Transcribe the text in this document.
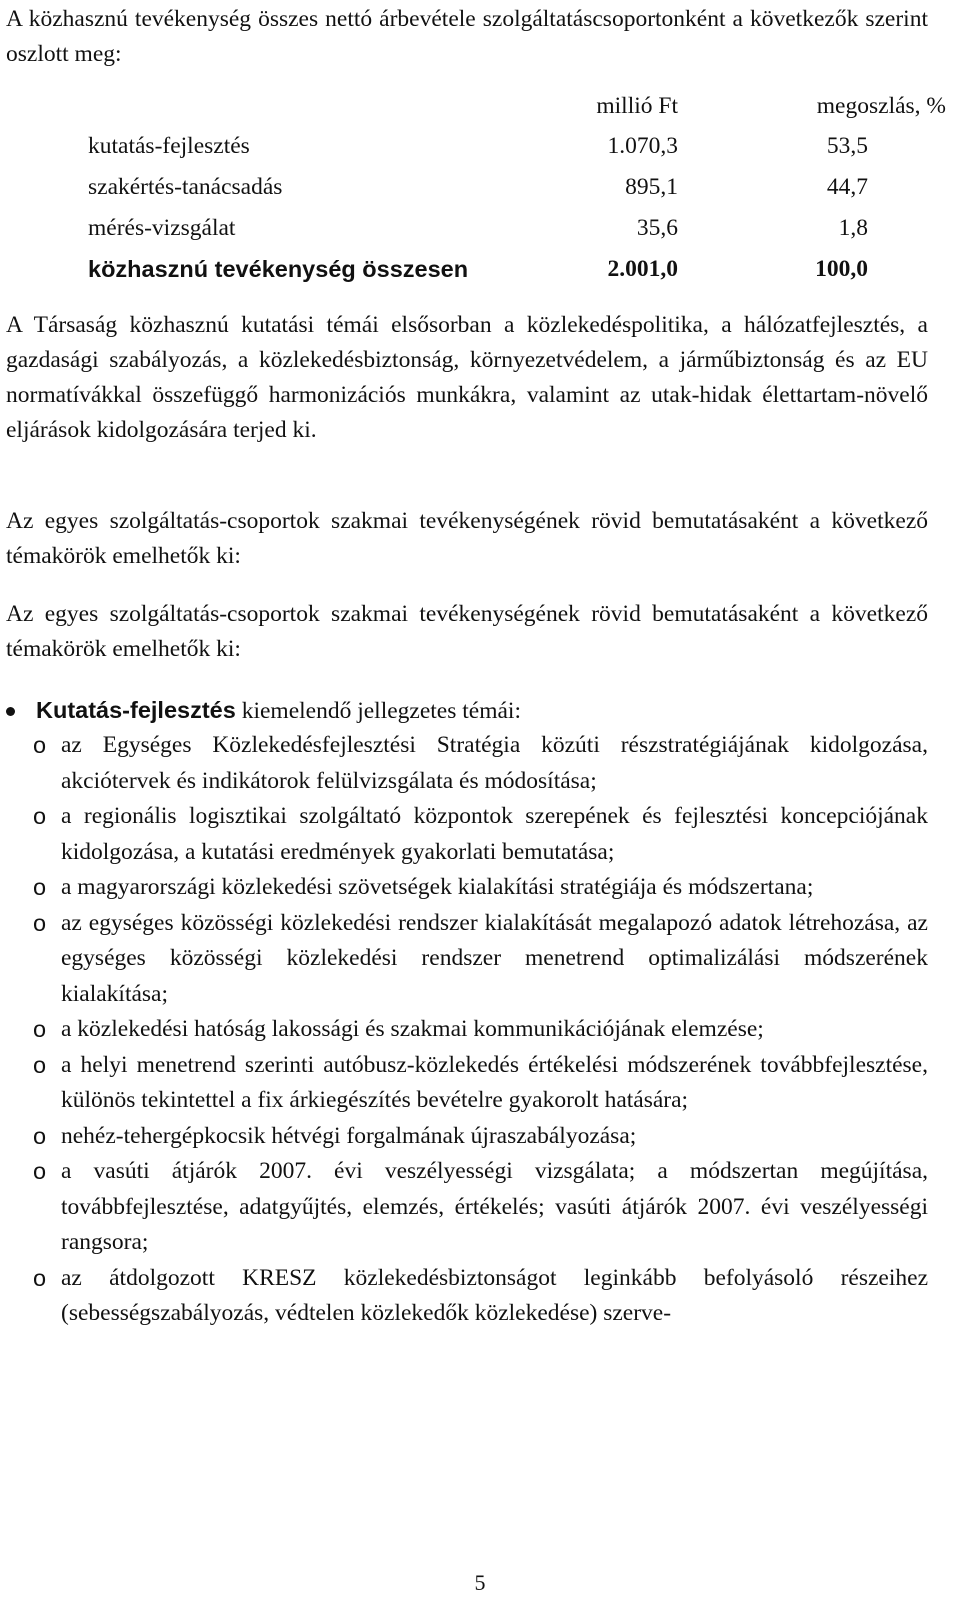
A közhasznú tevékenység összes nettó árbevétele szolgáltatáscsoportonként a következők szerint oszlott meg:

	millió Ft	megoszlás, %
kutatás-fejlesztés	1.070,3	53,5
szakértés-tanácsadás	895,1	44,7
mérés-vizsgálat	35,6	1,8
közhasznú tevékenység összesen	2.001,0	100,0

A Társaság közhasznú kutatási témái elsősorban a közlekedéspolitika, a hálózatfejlesztés, a gazdasági szabályozás, a közlekedésbiztonság, környezetvédelem, a járműbiztonság és az EU normatívákkal összefüggő harmonizációs munkákra, valamint az utak-hidak élettartam-növelő eljárások kidolgozására terjed ki.

Az egyes szolgáltatás-csoportok szakmai tevékenységének rövid bemutatásaként a következő témakörök emelhetők ki:

Az egyes szolgáltatás-csoportok szakmai tevékenységének rövid bemutatásaként a következő témakörök emelhetők ki:

Kutatás-fejlesztés kiemelendő jellegzetes témái:
o az Egységes Közlekedésfejlesztési Stratégia közúti részstratégiájának kidolgozása, akciótervek és indikátorok felülvizsgálata és módosítása;
o a regionális logisztikai szolgáltató központok szerepének és fejlesztési koncepciójának kidolgozása, a kutatási eredmények gyakorlati bemutatása;
o a magyarországi közlekedési szövetségek kialakítási stratégiája és módszertana;
o az egységes közösségi közlekedési rendszer kialakítását megalapozó adatok létrehozása, az egységes közösségi közlekedési rendszer menetrend optimalizálási módszerének kialakítása;
o a közlekedési hatóság lakossági és szakmai kommunikációjának elemzése;
o a helyi menetrend szerinti autóbusz-közlekedés értékelési módszerének továbbfejlesztése, különös tekintettel a fix árkiegészítés bevételre gyakorolt hatására;
o nehéz-tehergépkocsik hétvégi forgalmának újraszabályozása;
o a vasúti átjárók 2007. évi veszélyességi vizsgálata; a módszertan megújítása, továbbfejlesztése, adatgyűjtés, elemzés, értékelés; vasúti átjárók 2007. évi veszélyességi rangsora;
o az átdolgozott KRESZ közlekedésbiztonságot leginkább befolyásoló részeihez (sebességszabályozás, védtelen közlekedők közlekedése) szerve-
5
